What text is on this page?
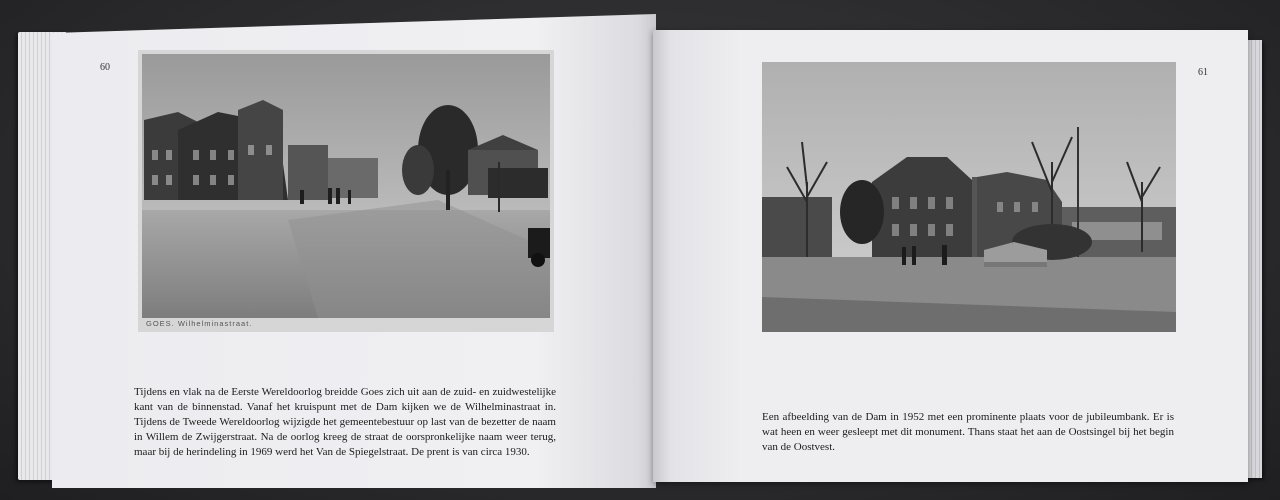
60	61
GOES. Wilhelminastraat.
Tijdens en vlak na de Eerste Wereldoorlog breidde Goes zich uit aan de zuid- en zuidwestelijke kant van de binnenstad. Vanaf het kruispunt met de Dam kijken we de Wilhelminastraat in. Tijdens de Tweede Wereldoorlog wijzigde het gemeentebestuur op last van de bezetter de naam in Willem de Zwijgerstraat. Na de oorlog kreeg de straat de oorspronkelijke naam weer terug, maar bij de herindeling in 1969 werd het Van de Spiegelstraat. De prent is van circa 1930.
Een afbeelding van de Dam in 1952 met een prominente plaats voor de jubileumbank. Er is wat heen en weer gesleept met dit monument. Thans staat het aan de Oostsingel bij het begin van de Oostvest.
